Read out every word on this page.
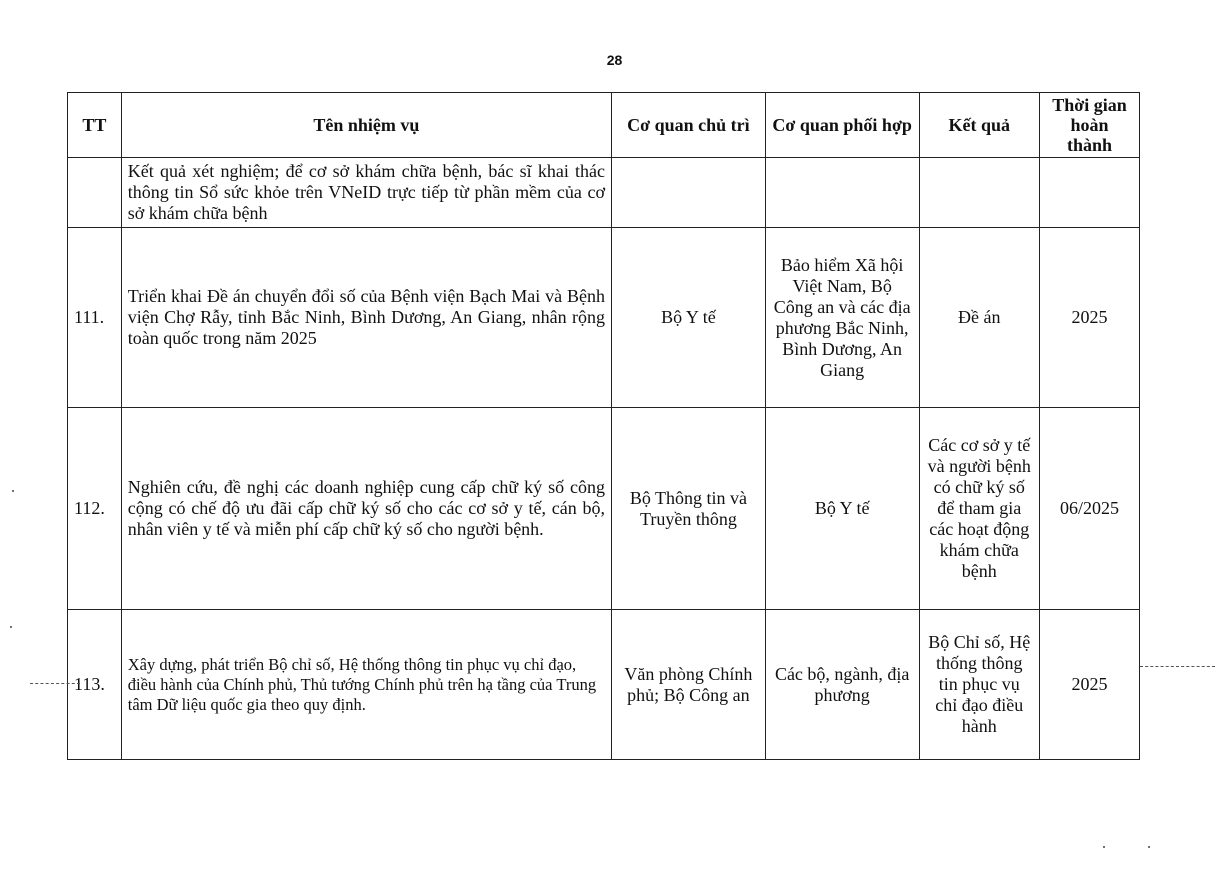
28
TT	Tên nhiệm vụ	Cơ quan chủ trì	Cơ quan phối hợp	Kết quả	Thời gian hoàn thành
	Kết quả xét nghiệm; để cơ sở khám chữa bệnh, bác sĩ khai thác thông tin Sổ sức khỏe trên VNeID trực tiếp từ phần mềm của cơ sở khám chữa bệnh				
111.	Triển khai Đề án chuyển đổi số của Bệnh viện Bạch Mai và Bệnh viện Chợ Rẫy, tỉnh Bắc Ninh, Bình Dương, An Giang, nhân rộng toàn quốc trong năm 2025	Bộ Y tế	Bảo hiểm Xã hội Việt Nam, Bộ Công an và các địa phương Bắc Ninh, Bình Dương, An Giang	Đề án	2025
112.	Nghiên cứu, đề nghị các doanh nghiệp cung cấp chữ ký số công cộng có chế độ ưu đãi cấp chữ ký số cho các cơ sở y tế, cán bộ, nhân viên y tế và miễn phí cấp chữ ký số cho người bệnh.	Bộ Thông tin và Truyền thông	Bộ Y tế	Các cơ sở y tế và người bệnh có chữ ký số để tham gia các hoạt động khám chữa bệnh	06/2025
113.	Xây dựng, phát triển Bộ chỉ số, Hệ thống thông tin phục vụ chỉ đạo, điều hành của Chính phủ, Thủ tướng Chính phủ trên hạ tầng của Trung tâm Dữ liệu quốc gia theo quy định.	Văn phòng Chính phủ; Bộ Công an	Các bộ, ngành, địa phương	Bộ Chỉ số, Hệ thống thông tin phục vụ chỉ đạo điều hành	2025
